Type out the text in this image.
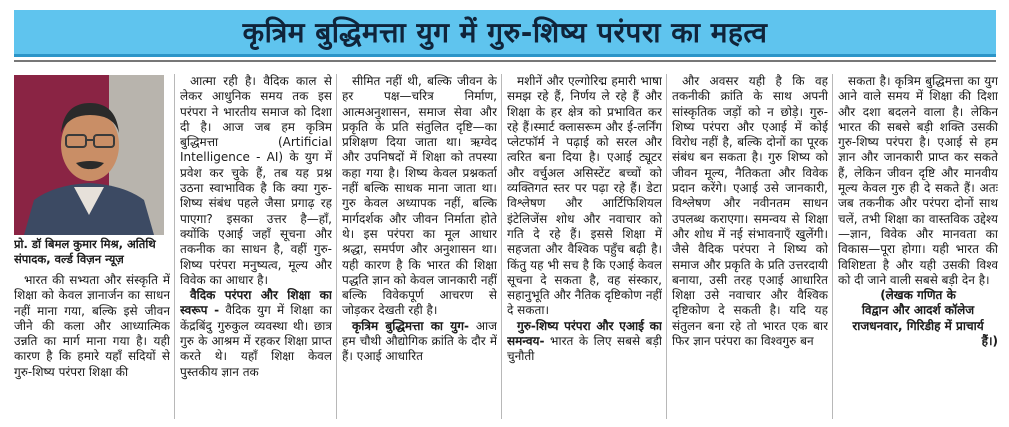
कृत्रिम बुद्धिमत्ता युग में गुरु-शिष्य परंपरा का महत्व
प्रो. डॉ बिमल कुमार मिश्र, अतिथि संपादक, वर्ल्ड विज़न न्यूज़

भारत की सभ्यता और संस्कृति में शिक्षा को केवल ज्ञानार्जन का साधन नहीं माना गया, बल्कि इसे जीवन जीने की कला और आध्यात्मिक उन्नति का मार्ग माना गया है। यही कारण है कि हमारे यहाँ सदियों से गुरु-शिष्य परंपरा शिक्षा की

आत्मा रही है। वैदिक काल से लेकर आधुनिक समय तक इस परंपरा ने भारतीय समाज को दिशा दी है। आज जब हम कृत्रिम बुद्धिमत्ता (Artificial Intelligence - AI) के युग में प्रवेश कर चुके हैं, तब यह प्रश्न उठना स्वाभाविक है कि क्या गुरु-शिष्य संबंध पहले जैसा प्रगाढ़ रह पाएगा? इसका उत्तर है—हाँ, क्योंकि एआई जहाँ सूचना और तकनीक का साधन है, वहीं गुरु-शिष्य परंपरा मनुष्यत्व, मूल्य और विवेक का आधार है।

वैदिक परंपरा और शिक्षा का स्वरूप - वैदिक युग में शिक्षा का केंद्रबिंदु गुरुकुल व्यवस्था थी। छात्र गुरु के आश्रम में रहकर शिक्षा प्राप्त करते थे। यहाँ शिक्षा केवल पुस्तकीय ज्ञान तक

सीमित नहीं थी, बल्कि जीवन के हर पक्ष—चरित्र निर्माण, आत्मअनुशासन, समाज सेवा और प्रकृति के प्रति संतुलित दृष्टि—का प्रशिक्षण दिया जाता था। ऋग्वेद और उपनिषदों में शिक्षा को तपस्या कहा गया है। शिष्य केवल प्रश्नकर्ता नहीं बल्कि साधक माना जाता था।गुरु केवल अध्यापक नहीं, बल्कि मार्गदर्शक और जीवन निर्माता होते थे। इस परंपरा का मूल आधार श्रद्धा, समर्पण और अनुशासन था। यही कारण है कि भारत की शिक्षा पद्धति ज्ञान को केवल जानकारी नहीं बल्कि विवेकपूर्ण आचरण से जोड़कर देखती रही है।

कृत्रिम बुद्धिमत्ता का युग- आज हम चौथी औद्योगिक क्रांति के दौर में हैं। एआई आधारित

मशीनें और एल्गोरिद्म हमारी भाषा समझ रहे हैं, निर्णय ले रहे हैं और शिक्षा के हर क्षेत्र को प्रभावित कर रहे हैं।स्मार्ट क्लासरूम और ई-लर्निंग प्लेटफॉर्म ने पढ़ाई को सरल और त्वरित बना दिया है। एआई ट्यूटर और वर्चुअल असिस्टेंट बच्चों को व्यक्तिगत स्तर पर पढ़ा रहे हैं। डेटा विश्लेषण और आर्टिफिशियल इंटेलिजेंस शोध और नवाचार को गति दे रहे हैं। इससे शिक्षा में सहजता और वैश्विक पहुँच बढ़ी है। किंतु यह भी सच है कि एआई केवल सूचना दे सकता है, वह संस्कार, सहानुभूति और नैतिक दृष्टिकोण नहीं दे सकता।

गुरु-शिष्य परंपरा और एआई का समन्वय- भारत के लिए सबसे बड़ी चुनौती

और अवसर यही है कि वह तकनीकी क्रांति के साथ अपनी सांस्कृतिक जड़ों को न छोड़े। गुरु-शिष्य परंपरा और एआई में कोई विरोध नहीं है, बल्कि दोनों का पूरक संबंध बन सकता है। गुरु शिष्य को जीवन मूल्य, नैतिकता और विवेक प्रदान करेंगे। एआई उसे जानकारी, विश्लेषण और नवीनतम साधन उपलब्ध कराएगा। समन्वय से शिक्षा और शोध में नई संभावनाएँ खुलेंगी। जैसे वैदिक परंपरा ने शिष्य को समाज और प्रकृति के प्रति उत्तरदायी बनाया, उसी तरह एआई आधारित शिक्षा उसे नवाचार और वैश्विक दृष्टिकोण दे सकती है। यदि यह संतुलन बना रहे तो भारत एक बार फिर ज्ञान परंपरा का विश्वगुरु बन

सकता है। कृत्रिम बुद्धिमत्ता का युग आने वाले समय में शिक्षा की दिशा और दशा बदलने वाला है। लेकिन भारत की सबसे बड़ी शक्ति उसकी गुरु-शिष्य परंपरा है। एआई से हम ज्ञान और जानकारी प्राप्त कर सकते हैं, लेकिन जीवन दृष्टि और मानवीय मूल्य केवल गुरु ही दे सकते हैं। अतः जब तकनीक और परंपरा दोनों साथ चलें, तभी शिक्षा का वास्तविक उद्देश्य—ज्ञान, विवेक और मानवता का विकास—पूरा होगा। यही भारत की विशिष्टता है और यही उसकी विश्व को दी जाने वाली सबसे बड़ी देन है।

(लेखक गणित के
विद्वान और आदर्श कॉलेज राजधनवार, गिरिडीह में प्राचार्य
हैं।)
